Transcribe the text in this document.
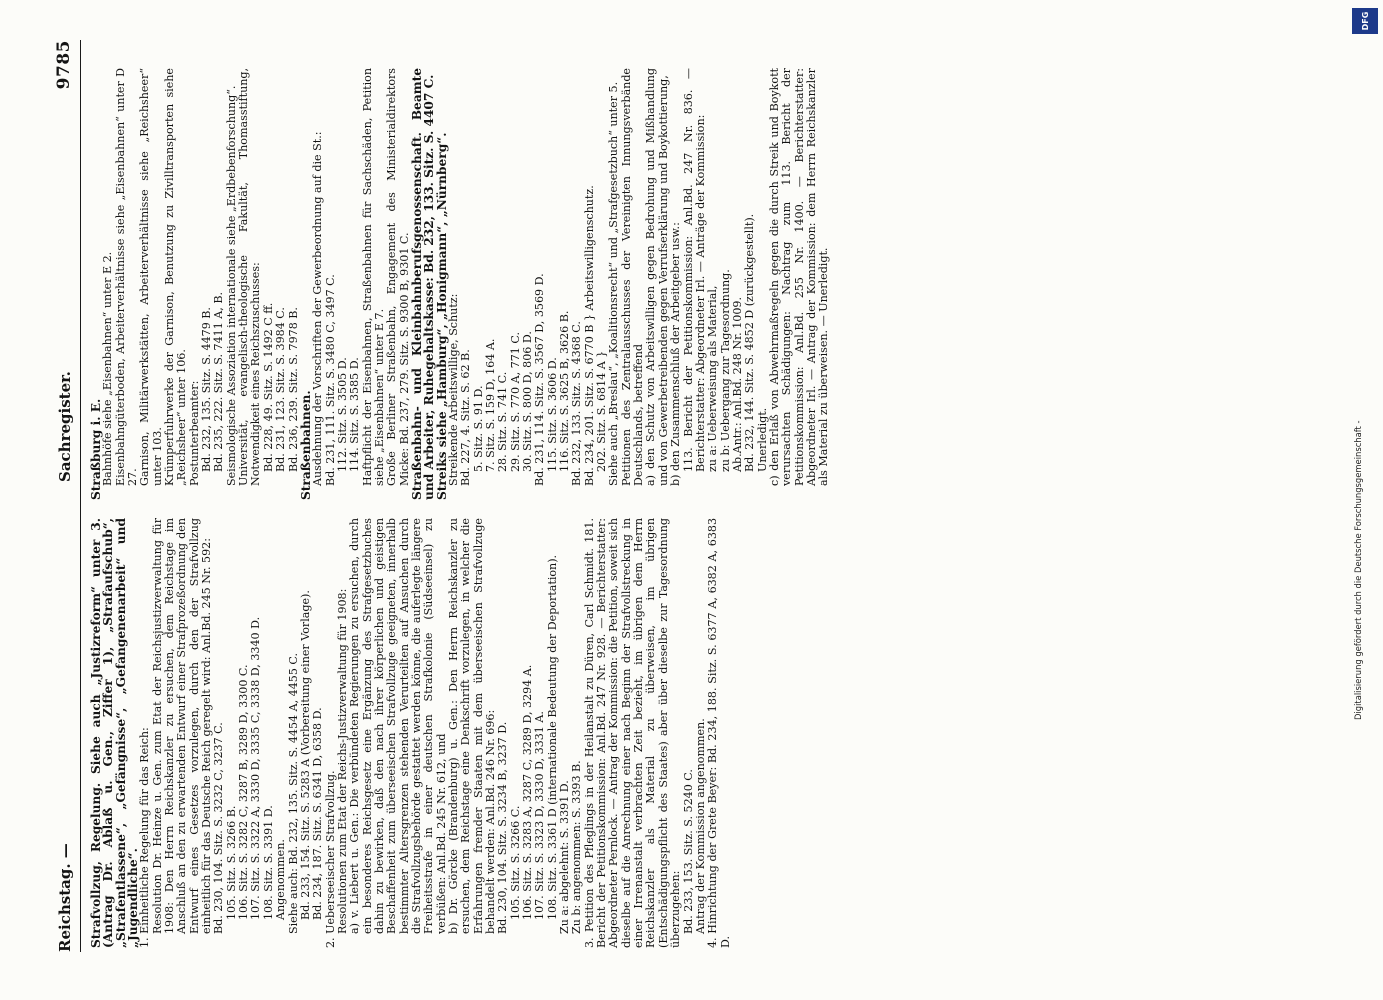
Reichstag. —
Sachregister.
9785

Strafvollzug, Regelung. Siehe auch „Justizreform“ unter 3. (Antrag Dr. Ablaß u. Gen., Ziffer 1), „Strafaufschub“, „Strafentlassene“, „Gefängnisse“, „Gefangenenarbeit“ und „Jugendliche“.

1. Einheitliche Regelung für das Reich: Resolution Dr. Heinze u. Gen. zum Etat der Reichsjustizverwaltung für 1908: Den Herrn Reichskanzler zu ersuchen, dem Reichstage im Anschluß an den zu erwartenden Entwurf einer Strafprozeßordnung den Entwurf eines Gesetzes vorzulegen, durch den der Strafvollzug einheitlich für das Deutsche Reich geregelt wird: Anl.Bd. 245 Nr. 592: Bd. 230, 104. Sitz. S. 3232 C, 3237 C. 105. Sitz. S. 3266 B. 106. Sitz. S. 3282 C, 3287 B, 3289 D, 3300 C. 107. Sitz. S. 3322 A, 3330 D, 3335 C, 3338 D, 3340 D. 108. Sitz. S. 3391 D. Angenommen. Siehe auch: Bd. 232, 135. Sitz. S. 4454 A, 4455 C. Bd. 233, 154. Sitz. S. 5283 A (Vorbereitung einer Vorlage). Bd. 234, 187. Sitz. S. 6341 D, 6358 D. 2. Ueberseeischer Strafvollzug. Resolutionen zum Etat der Reichs-Justizverwaltung für 1908: a) v. Liebert u. Gen.: Die verbündeten Regierungen zu ersuchen, durch ein besonderes Reichsgesetz eine Ergänzung des Strafgesetzbuches dahin zu bewirken, daß den nach ihrer körperlichen und geistigen Beschaffenheit zum überseeischen Strafvollzuge geeigneten, innerhalb bestimmter Altersgrenzen stehenden Verurteilten auf Ansuchen durch die Strafvollzugsbehörde gestattet werden könne, die auferlegte längere Freiheitsstrafe in einer deutschen Strafkolonie (Südseeinsel) zu verbüßen: Anl.Bd. 245 Nr. 612, und b) Dr. Görcke (Brandenburg) u. Gen.: Den Herrn Reichskanzler zu ersuchen, dem Reichstage eine Denkschrift vorzulegen, in welcher die Erfahrungen fremder Staaten mit dem überseeischen Strafvollzuge behandelt werden: Anl.Bd. 246 Nr. 696: Bd. 230, 104. Sitz. S. 3234 B, 3237 D. 105. Sitz. S. 3266 C. 106. Sitz. S. 3283 A, 3287 C, 3289 D, 3294 A. 107. Sitz. S. 3323 D, 3330 D, 3331 A. 108. Sitz. S. 3361 D (internationale Bedeutung der Deportation). Zu a: abgelehnt: S. 3391 D. Zu b: angenommen: S. 3393 B. 3. Petition des Pfleglings in der Heilanstalt zu Düren, Carl Schmidt. 181. Bericht der Petitionskommission: Anl.Bd. 247 Nr. 928. — Berichterstatter: Abgeordneter Pernlock. — Antrag der Kommission: die Petition, soweit sich dieselbe auf die Anrechnung einer nach Beginn der Strafvollstreckung in einer Irrenanstalt verbrachten Zeit bezieht, im übrigen dem Herrn Reichskanzler als Material zu überweisen, im übrigen (Entschädigungspflicht des Staates) aber über dieselbe zur Tagesordnung überzugehen: Bd. 233, 153. Sitz. S. 5240 C. Antrag der Kommission angenommen. 4. Hinrichtung der Grete Beyer: Bd. 234, 188. Sitz. S. 6377 A, 6382 A, 6383 D.

Straßburg i. E.

Bahnhöfe siehe „Eisenbahnen“ unter E 2. Eisenbahngüterboden, Arbeiterverhältnisse siehe „Eisenbahnen“ unter D 27. Garnison, Militärwerkstätten, Arbeiterverhältnisse siehe „Reichsheer“ unter 103. Krümperfuhrwerke der Garnison, Benutzung zu Zivilltransporten siehe „Reichsheer“ unter 106. Postunterbeamter: Bd. 232, 135. Sitz. S. 4479 B. Bd. 235, 222. Sitz. S. 7411 A, B. Seismologische Assoziation internationale siehe „Erdbebenforschung“. Universität, evangelisch-theologische Fakultät, Thomasstiftung, Notwendigkeit eines Reichszuschusses: Bd. 228, 49. Sitz. S. 1492 C ff. Bd. 231, 123. Sitz. S. 3984 C. Bd. 236, 239. Sitz. S. 7978 B. Straßenbahnen.

Ausdehnung der Vorschriften der Gewerbeordnung auf die St.: Bd. 231, 111. Sitz. S. 3480 C, 3497 C. 112. Sitz. S. 3505 D. 114. Sitz. S. 3585 D. Haftpflicht der Eisenbahnen, Straßenbahnen für Sachschäden, Petition siehe „Eisenbahnen“ unter E 7. Große Berliner Straßenbahn, Engagement des Ministerialdirektors Micke: Bd. 237, 279. Sitz. S. 9300 B, 9301 C. Straßenbahn- und Kleinbahnberufsgenossenschaft. Beamte und Arbeiter, Ruhegehaltskasse: Bd. 232, 133. Sitz. S. 4407 C.

Streiks siehe „Hamburg“, „Honigmann“, „Nürnberg“.

Streikende Arbeitswillige, Schutz: Bd. 227, 4. Sitz. S. 62 B. 5. Sitz. S. 91 D. 7. Sitz. S. 159 D, 164 A. 28. Sitz. S. 741 C. 29. Sitz. S. 770 A, 771 C. 30. Sitz. S. 800 D, 806 D. Bd. 231, 114. Sitz. S. 3567 D, 3569 D. 115. Sitz. S. 3606 D. 116. Sitz. S. 3625 B, 3626 B. Bd. 232, 133. Sitz. S. 4368 C. Bd. 234, 201. Sitz. S. 6770 B } Arbeitswilligenschutz. 202. Sitz. S. 6814 A } Siehe auch „Breslau“, „Koalitionsrecht“ und „Strafgesetzbuch“ unter 5. Petitionen des Zentralausschusses der Vereinigten Innungsverbände Deutschlands, betreffend a) den Schutz von Arbeitswilligen gegen Bedrohung und Mißhandlung und von Gewerbetreibenden gegen Verrufserklärung und Boykottierung, b) den Zusammenschluß der Arbeitgeber usw.: 113. Bericht der Petitionskommission: Anl.Bd. 247 Nr. 836. — Berichterstatter: Abgeordneter Irl. — Anträge der Kommission: zu a: Ueberweisung als Material, zu b: Uebergang zur Tagesordnung. Ab.Antr.: Anl.Bd. 248 Nr. 1009. Bd. 232, 144. Sitz. S. 4852 D (zurückgestellt). Unerledigt. c) den Erlaß von Abwehrmaßregeln gegen die durch Streik und Boykott verursachten Schädigungen: Nachtrag zum 113. Bericht der Petitionskommission: Anl.Bd. 255 Nr. 1400. — Berichterstatter: Abgeordneter Irl. — Antrag der Kommission: dem Herrn Reichskanzler als Material zu überweisen. — Unerledigt.

DFG
Digitalisierung gefördert durch die Deutsche Forschungsgemeinschaft -
